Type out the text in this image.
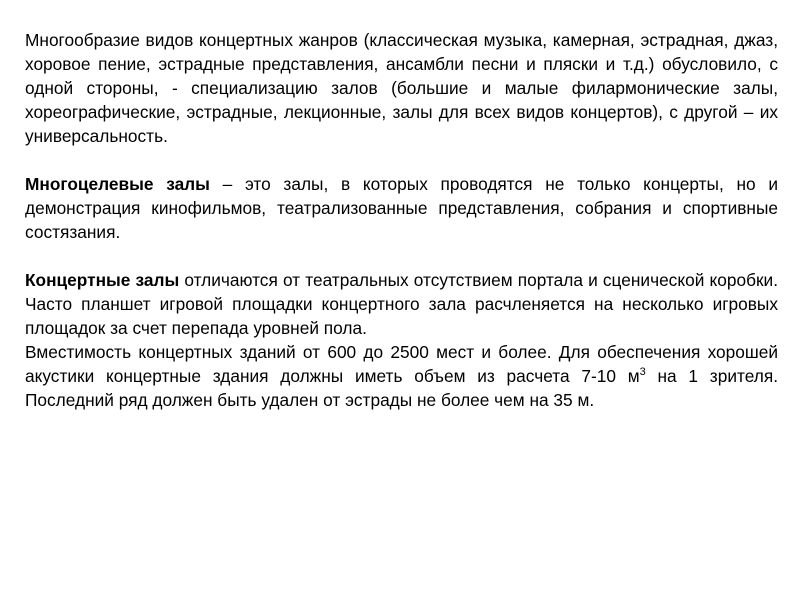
Многообразие видов концертных жанров (классическая музыка, камерная, эстрадная, джаз, хоровое пение, эстрадные представления, ансамбли песни и пляски и т.д.) обусловило, с одной стороны, - специализацию залов (большие и малые филармонические залы, хореографические, эстрадные, лекционные, залы для всех видов концертов), с другой – их универсальность.

Многоцелевые залы – это залы, в которых проводятся не только концерты, но и демонстрация кинофильмов, театрализованные представления, собрания и спортивные состязания.

Концертные залы отличаются от театральных отсутствием портала и сценической коробки. Часто планшет игровой площадки концертного зала расчленяется на несколько игровых площадок за счет перепада уровней пола.

Вместимость концертных зданий от 600 до 2500 мест и более. Для обеспечения хорошей акустики концертные здания должны иметь объем из расчета 7-10 $м^3$ на 1 зрителя. Последний ряд должен быть удален от эстрады не более чем на 35 м.
